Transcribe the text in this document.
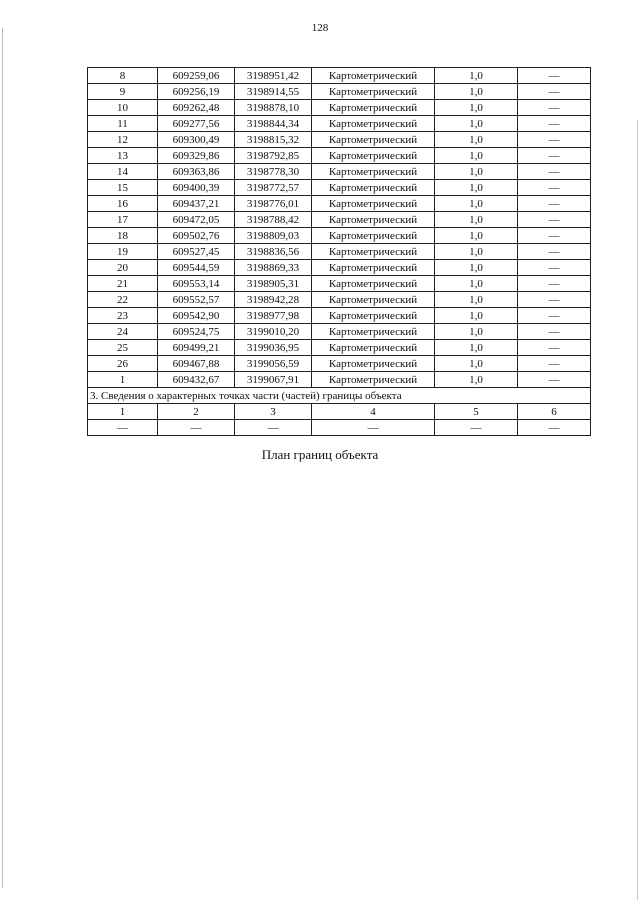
128
8	609259,06	3198951,42	Картометрический	1,0	—
9	609256,19	3198914,55	Картометрический	1,0	—
10	609262,48	3198878,10	Картометрический	1,0	—
11	609277,56	3198844,34	Картометрический	1,0	—
12	609300,49	3198815,32	Картометрический	1,0	—
13	609329,86	3198792,85	Картометрический	1,0	—
14	609363,86	3198778,30	Картометрический	1,0	—
15	609400,39	3198772,57	Картометрический	1,0	—
16	609437,21	3198776,01	Картометрический	1,0	—
17	609472,05	3198788,42	Картометрический	1,0	—
18	609502,76	3198809,03	Картометрический	1,0	—
19	609527,45	3198836,56	Картометрический	1,0	—
20	609544,59	3198869,33	Картометрический	1,0	—
21	609553,14	3198905,31	Картометрический	1,0	—
22	609552,57	3198942,28	Картометрический	1,0	—
23	609542,90	3198977,98	Картометрический	1,0	—
24	609524,75	3199010,20	Картометрический	1,0	—
25	609499,21	3199036,95	Картометрический	1,0	—
26	609467,88	3199056,59	Картометрический	1,0	—
1	609432,67	3199067,91	Картометрический	1,0	—
3. Сведения о характерных точках части (частей) границы объекта					
1	2	3	4	5	6
—	—	—	—	—	—
План границ объекта
